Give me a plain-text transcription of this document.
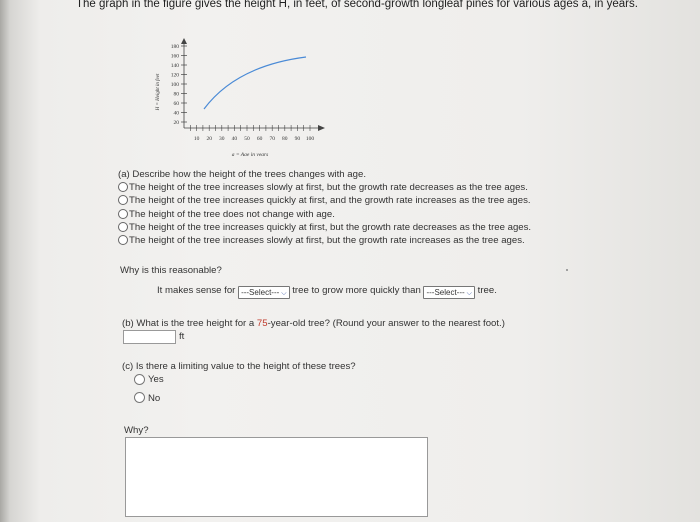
The graph in the figure gives the height H, in feet, of second-growth longleaf pines for various ages a, in years.
H = Height in feet
180
160
140
120
100
80
60
40
20
10 20 30 40 50 60 70 80 90 100
a = Age in years
(a) Describe how the height of the trees changes with age.
The height of the tree increases slowly at first, but the growth rate decreases as the tree ages.
The height of the tree increases quickly at first, and the growth rate increases as the tree ages.
The height of the tree does not change with age.
The height of the tree increases quickly at first, but the growth rate decreases as the tree ages.
The height of the tree increases slowly at first, but the growth rate increases as the tree ages.
Why is this reasonable?
It makes sense for ---Select--- ⌵ tree to grow more quickly than ---Select--- ⌵ tree.
(b) What is the tree height for a 75-year-old tree? (Round your answer to the nearest foot.)
ft
(c) Is there a limiting value to the height of these trees?
Yes
No
Why?
